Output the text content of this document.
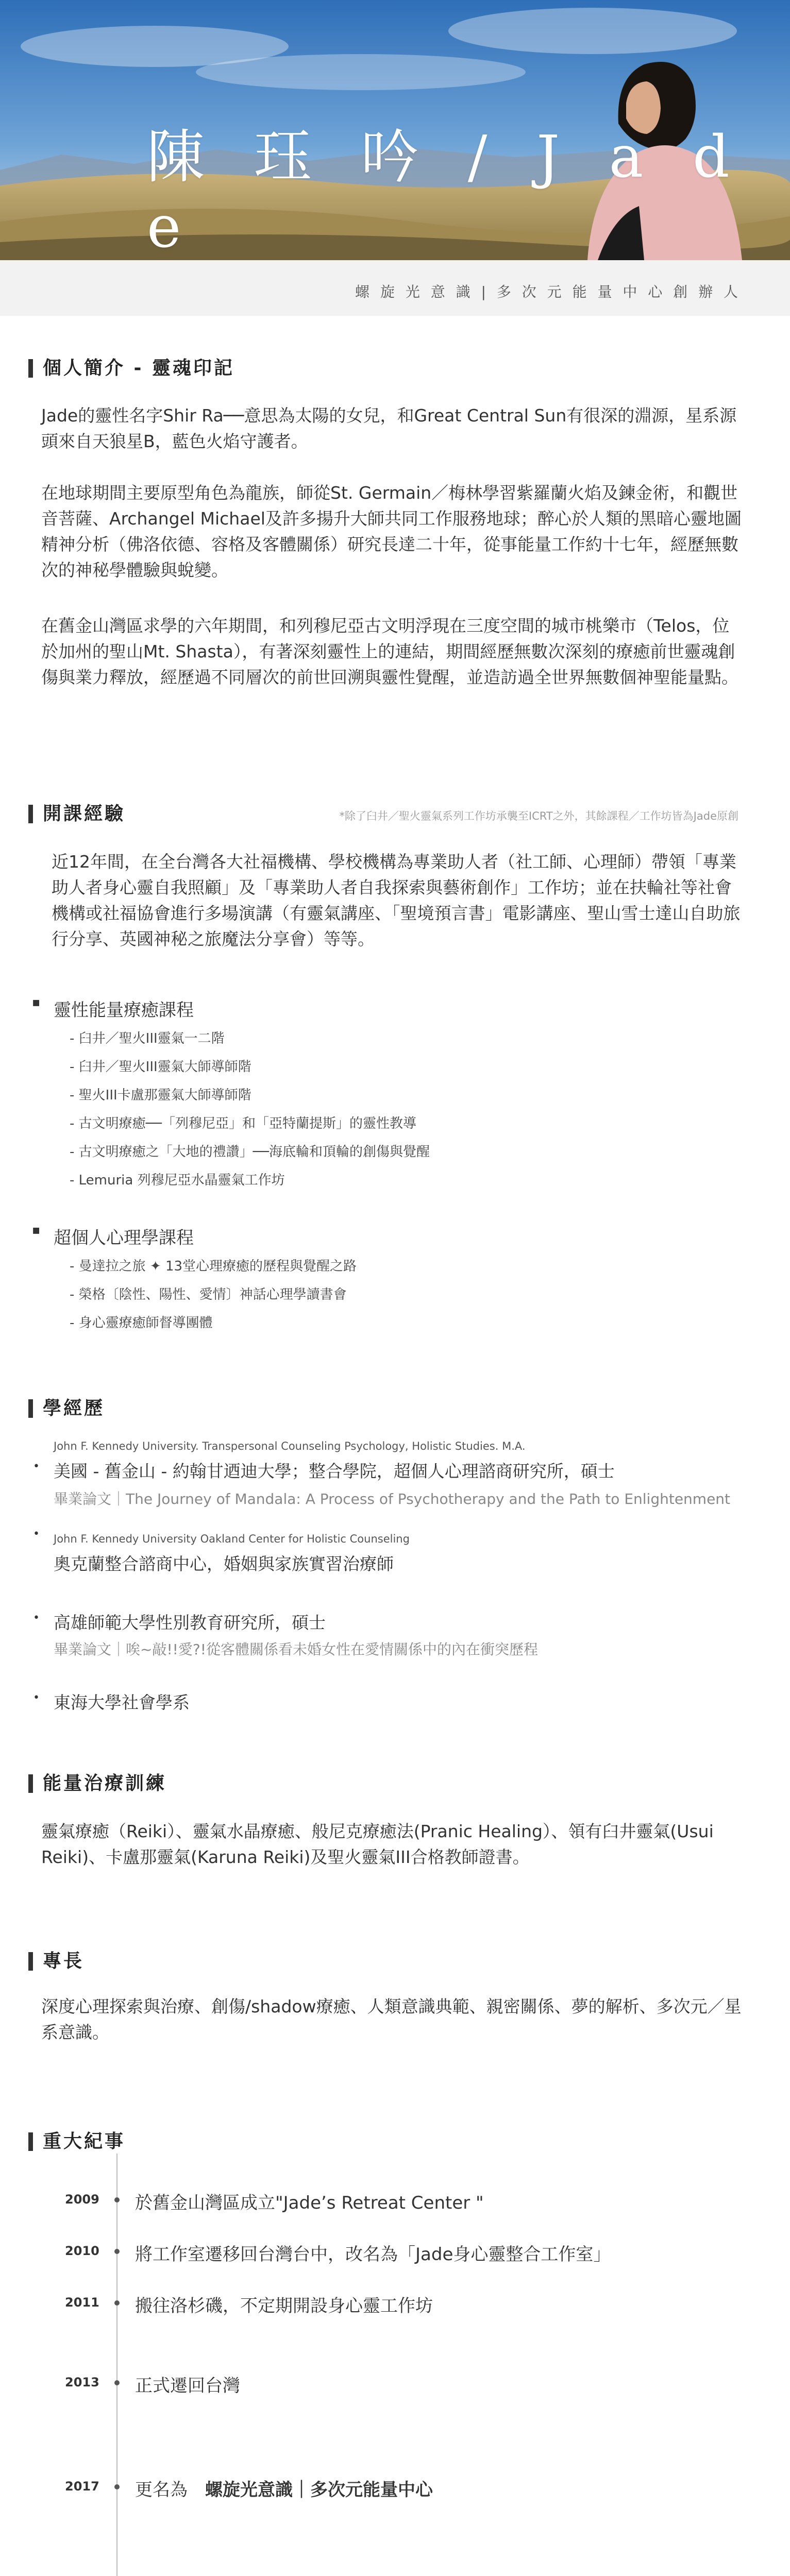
陳 珏 吟 / J a d e
螺 旋 光 意 識 | 多 次 元 能 量 中 心 創 辦 人
個人簡介 - 靈魂印記

Jade的靈性名字Shir Ra──意思為太陽的女兒，和Great Central Sun有很深的淵源，星系源頭來自天狼星B，藍色火焰守護者。

在地球期間主要原型角色為龍族，師從St. Germain／梅林學習紫羅蘭火焰及鍊金術，和觀世音菩薩、Archangel Michael及許多揚升大師共同工作服務地球；醉心於人類的黑暗心靈地圖精神分析（佛洛依德、容格及客體關係）研究長達二十年，從事能量工作約十七年，經歷無數次的神秘學體驗與蛻變。

在舊金山灣區求學的六年期間，和列穆尼亞古文明浮現在三度空間的城市桃樂市（Telos，位於加州的聖山Mt. Shasta），有著深刻靈性上的連結，期間經歷無數次深刻的療癒前世靈魂創傷與業力釋放，經歷過不同層次的前世回溯與靈性覺醒，並造訪過全世界無數個神聖能量點。

開課經驗	*除了臼井／聖火靈氣系列工作坊承襲至ICRT之外，其餘課程／工作坊皆為Jade原創

近12年間，在全台灣各大社福機構、學校機構為專業助人者（社工師、心理師）帶領「專業助人者身心靈自我照顧」及「專業助人者自我探索與藝術創作」工作坊；並在扶輪社等社會機構或社福協會進行多場演講（有靈氣講座、「聖境預言書」電影講座、聖山雪士達山自助旅行分享、英國神秘之旅魔法分享會）等等。

▪ 靈性能量療癒課程
- 臼井／聖火III靈氣一二階
- 臼井／聖火III靈氣大師導師階
- 聖火III卡盧那靈氣大師導師階
- 古文明療癒──「列穆尼亞」和「亞特蘭提斯」的靈性教導
- 古文明療癒之「大地的禮讚」──海底輪和頂輪的創傷與覺醒
- Lemuria 列穆尼亞水晶靈氣工作坊
▪ 超個人心理學課程
- 曼達拉之旅 ✦ 13堂心理療癒的歷程與覺醒之路
- 榮格〔陰性、陽性、愛情〕神話心理學讀書會
- 身心靈療癒師督導團體
學經歷
John F. Kennedy University. Transpersonal Counseling Psychology, Holistic Studies. M.A.
• 美國 - 舊金山 - 約翰甘迺迪大學；整合學院，超個人心理諮商研究所，碩士
畢業論文｜The Journey of Mandala: A Process of Psychotherapy and the Path to Enlightenment
John F. Kennedy University Oakland Center for Holistic Counseling
•
奧克蘭整合諮商中心，婚姻與家族實習治療師
• 高雄師範大學性別教育研究所，碩士
畢業論文｜唉~敲!!愛?!從客體關係看未婚女性在愛情關係中的內在衝突歷程
• 東海大學社會學系
能量治療訓練

靈氣療癒（Reiki）、靈氣水晶療癒、般尼克療癒法(Pranic Healing）、領有臼井靈氣(Usui Reiki)、卡盧那靈氣(Karuna Reiki)及聖火靈氣III合格教師證書。

專長

深度心理探索與治療、創傷/shadow療癒、人類意識典範、親密關係、夢的解析、多次元／星系意識。

重大紀事
2009 於舊金山灣區成立"Jade’s Retreat Center "
2010 將工作室遷移回台灣台中，改名為「Jade身心靈整合工作室」
2011 搬往洛杉磯，不定期開設身心靈工作坊
2013 正式遷回台灣
2017 更名為　螺旋光意識｜多次元能量中心
